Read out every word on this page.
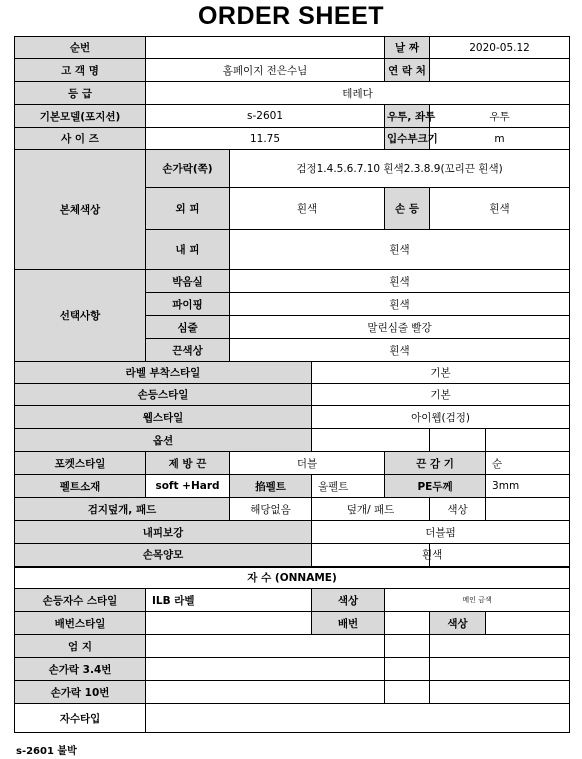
ORDER SHEET
순번				날 짜	2020-05.12	
고 객 명	홈페이지 전은수님			연 락 처		
등 급	테레다					
기본모델(포지션)	s-2601			우투, 좌투	우투	
사 이 즈	11.75			입수부크기	m	
본체색상	손가락(쪽)	검정1.4.5.6.7.10 흰색2.3.8.9(꼬리끈 흰색)				
	외 피	흰색		손 등	흰색	
	내 피	흰색				
선택사항	박음실	흰색				
	파이핑	흰색				
	심줄	말린심줄 빨강				
	끈색상	흰색				
라벨 부착스타일			기본			
손등스타일			기본			
웹스타일			아이웹(검정)			
옵션						
포켓스타일	제 방 끈	더블		끈 감 기		순
펠트소재	soft +Hard	掐펠트	울펠트	PE두께		3mm
검지덮개, 패드		해당없음	덮개/ 패드		색상	
내피보강			더블펌			
손목양모			흰색			
자 수 (ONNAME)						
손등자수 스타일	ILB 라벨		색상	메인 금색		
배번스타일			배번		색상	
엄 지						
손가락 3.4번						
손가락 10번						
자수타입						
s-2601 불박
